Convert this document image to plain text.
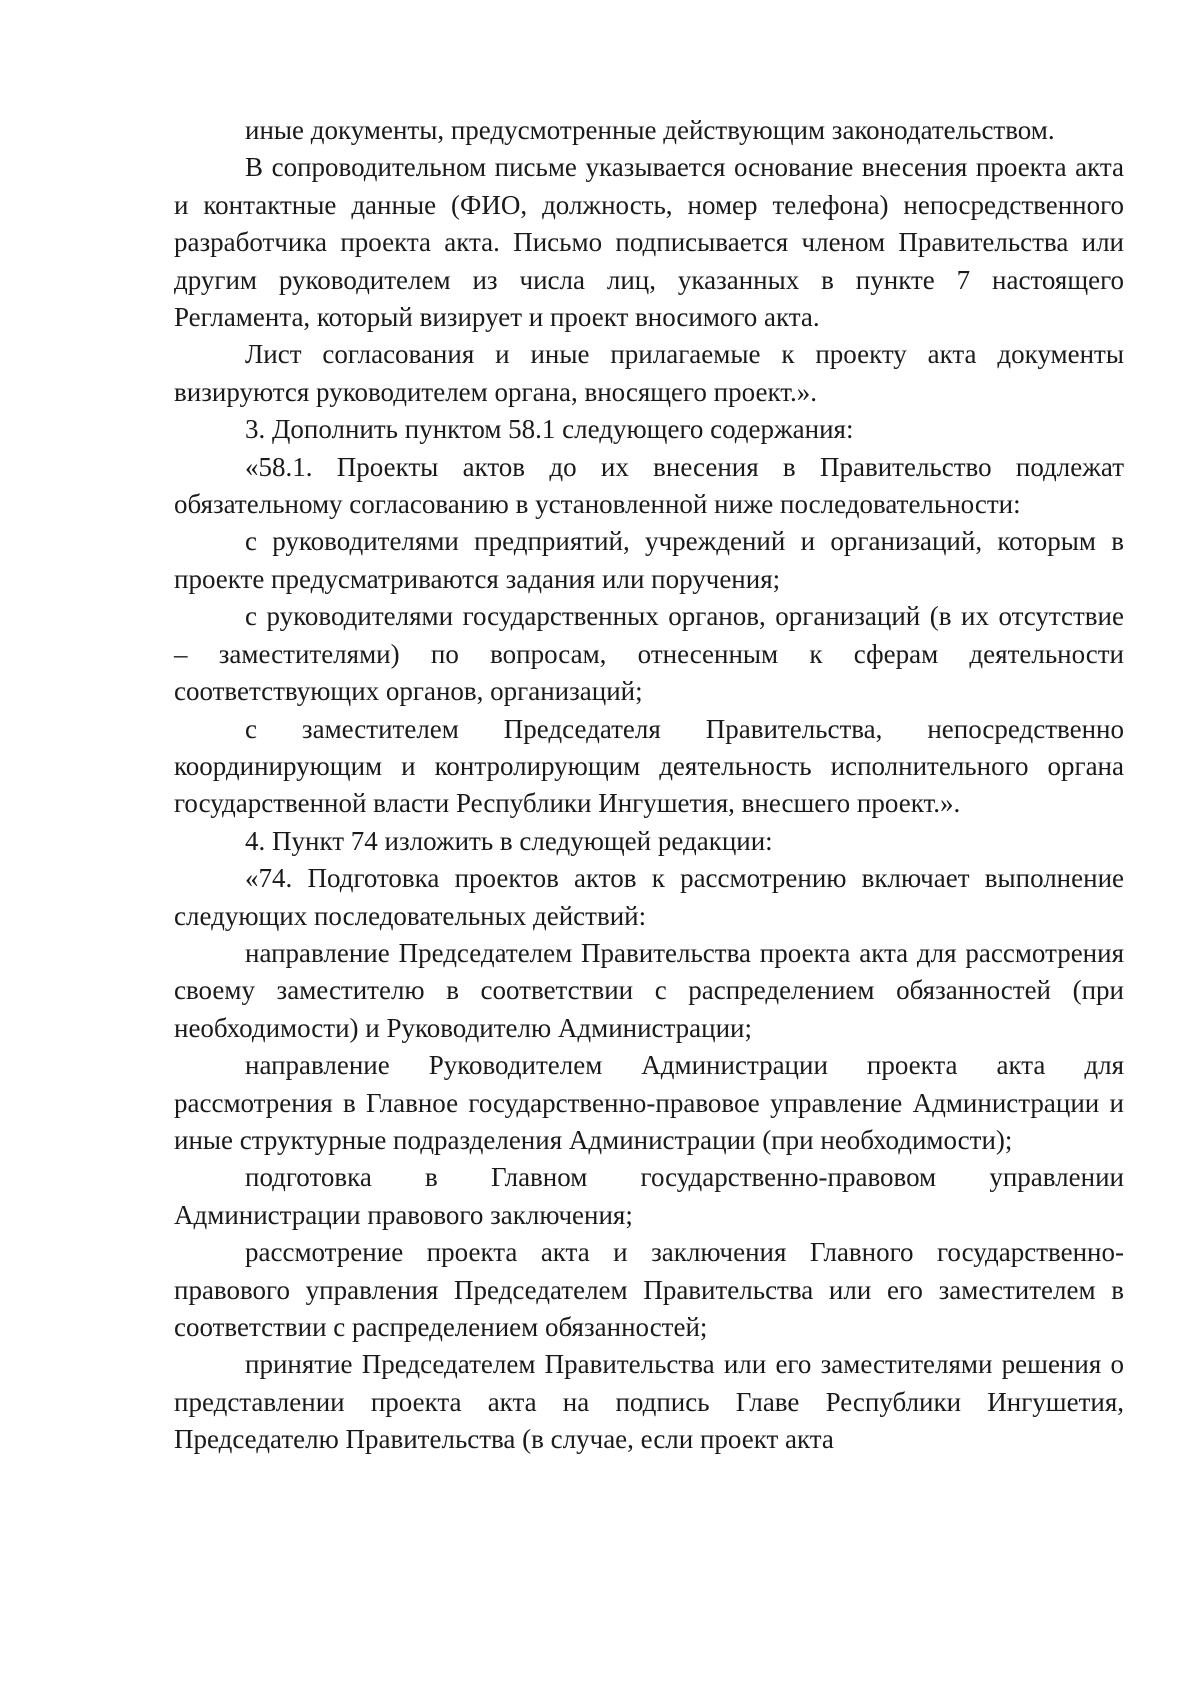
иные документы, предусмотренные действующим законодательством.

В сопроводительном письме указывается основание внесения проекта акта и контактные данные (ФИО, должность, номер телефона) непосредственного разработчика проекта акта. Письмо подписывается членом Правительства или другим руководителем из числа лиц, указанных в пункте 7 настоящего Регламента, который визирует и проект вносимого акта.

Лист согласования и иные прилагаемые к проекту акта документы визируются руководителем органа, вносящего проект.».

3. Дополнить пунктом 58.1 следующего содержания:

«58.1. Проекты актов до их внесения в Правительство подлежат обязательному согласованию в установленной ниже последовательности:

с руководителями предприятий, учреждений и организаций, которым в проекте предусматриваются задания или поручения;

с руководителями государственных органов, организаций (в их отсутствие – заместителями) по вопросам, отнесенным к сферам деятельности соответствующих органов, организаций;

с заместителем Председателя Правительства, непосредственно координирующим и контролирующим деятельность исполнительного органа государственной власти Республики Ингушетия, внесшего проект.».

4. Пункт 74 изложить в следующей редакции:

«74. Подготовка проектов актов к рассмотрению включает выполнение следующих последовательных действий:

направление Председателем Правительства проекта акта для рассмотрения своему заместителю в соответствии с распределением обязанностей (при необходимости) и Руководителю Администрации;

направление Руководителем Администрации проекта акта для рассмотрения в Главное государственно-правовое управление Администрации и иные структурные подразделения Администрации (при необходимости);

подготовка в Главном государственно-правовом управлении Администрации правового заключения;

рассмотрение проекта акта и заключения Главного государственно-правового управления Председателем Правительства или его заместителем в соответствии с распределением обязанностей;

принятие Председателем Правительства или его заместителями решения о представлении проекта акта на подпись Главе Республики Ингушетия, Председателю Правительства (в случае, если проект акта
